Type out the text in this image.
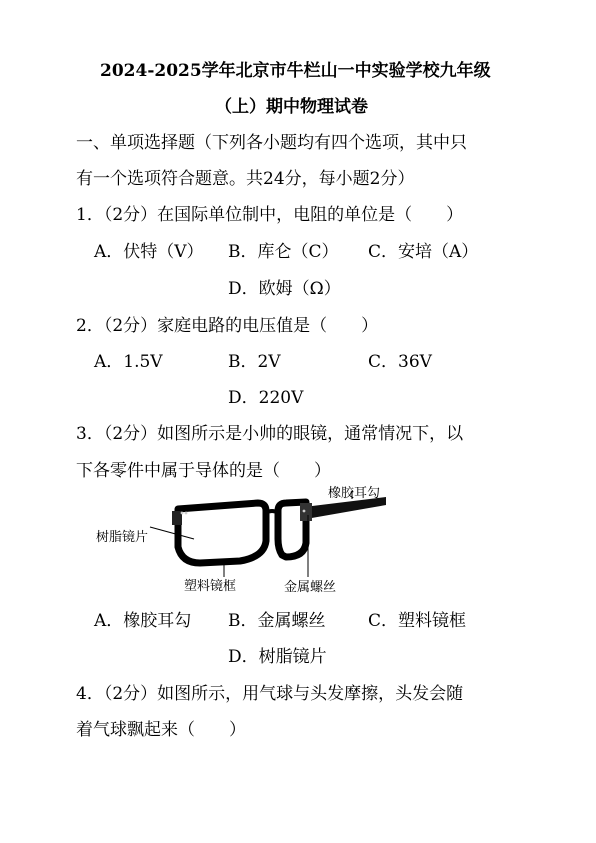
2024-2025学年北京市牛栏山一中实验学校九年级
（上）期中物理试卷
一、单项选择题（下列各小题均有四个选项，其中只
有一个选项符合题意。共24分，每小题2分）
1．（2分）在国际单位制中，电阻的单位是（　　）
A．伏特（V） B．库仑（C） C．安培（A）
D．欧姆（Ω）
2．（2分）家庭电路的电压值是（　　）
A．1.5V	B．2V	C．36V
D．220V
3．（2分）如图所示是小帅的眼镜，通常情况下，以
下各零件中属于导体的是（　　）
橡胶耳勾
树脂镜片
塑料镜框	金属螺丝
A．橡胶耳勾 B．金属螺丝	C．塑料镜框
D．树脂镜片
4．（2分）如图所示，用气球与头发摩擦，头发会随
着气球飘起来（　　）
